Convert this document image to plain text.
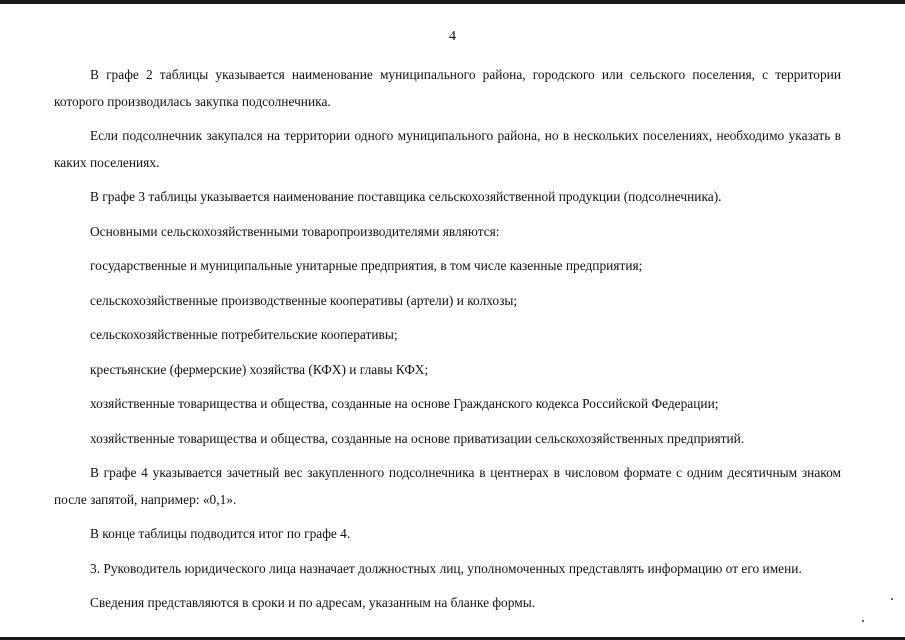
4

В графе 2 таблицы указывается наименование муниципального района, городского или сельского поселения, с территории которого производилась закупка подсолнечника.

Если подсолнечник закупался на территории одного муниципального района, но в нескольких поселениях, необходимо указать в каких поселениях.

В графе 3 таблицы указывается наименование поставщика сельскохозяйственной продукции (подсолнечника).

Основными сельскохозяйственными товаропроизводителями являются:

государственные и муниципальные унитарные предприятия, в том числе казенные предприятия;

сельскохозяйственные производственные кооперативы (артели) и колхозы;

сельскохозяйственные потребительские кооперативы;

крестьянские (фермерские) хозяйства (КФХ) и главы КФХ;

хозяйственные товарищества и общества, созданные на основе Гражданского кодекса Российской Федерации;

хозяйственные товарищества и общества, созданные на основе приватизации сельскохозяйственных предприятий.

В графе 4 указывается зачетный вес закупленного подсолнечника в центнерах в числовом формате с одним десятичным знаком после запятой, например: «0,1».

В конце таблицы подводится итог по графе 4.

3. Руководитель юридического лица назначает должностных лиц, уполномоченных представлять информацию от его имени.

Сведения представляются в сроки и по адресам, указанным на бланке формы.
